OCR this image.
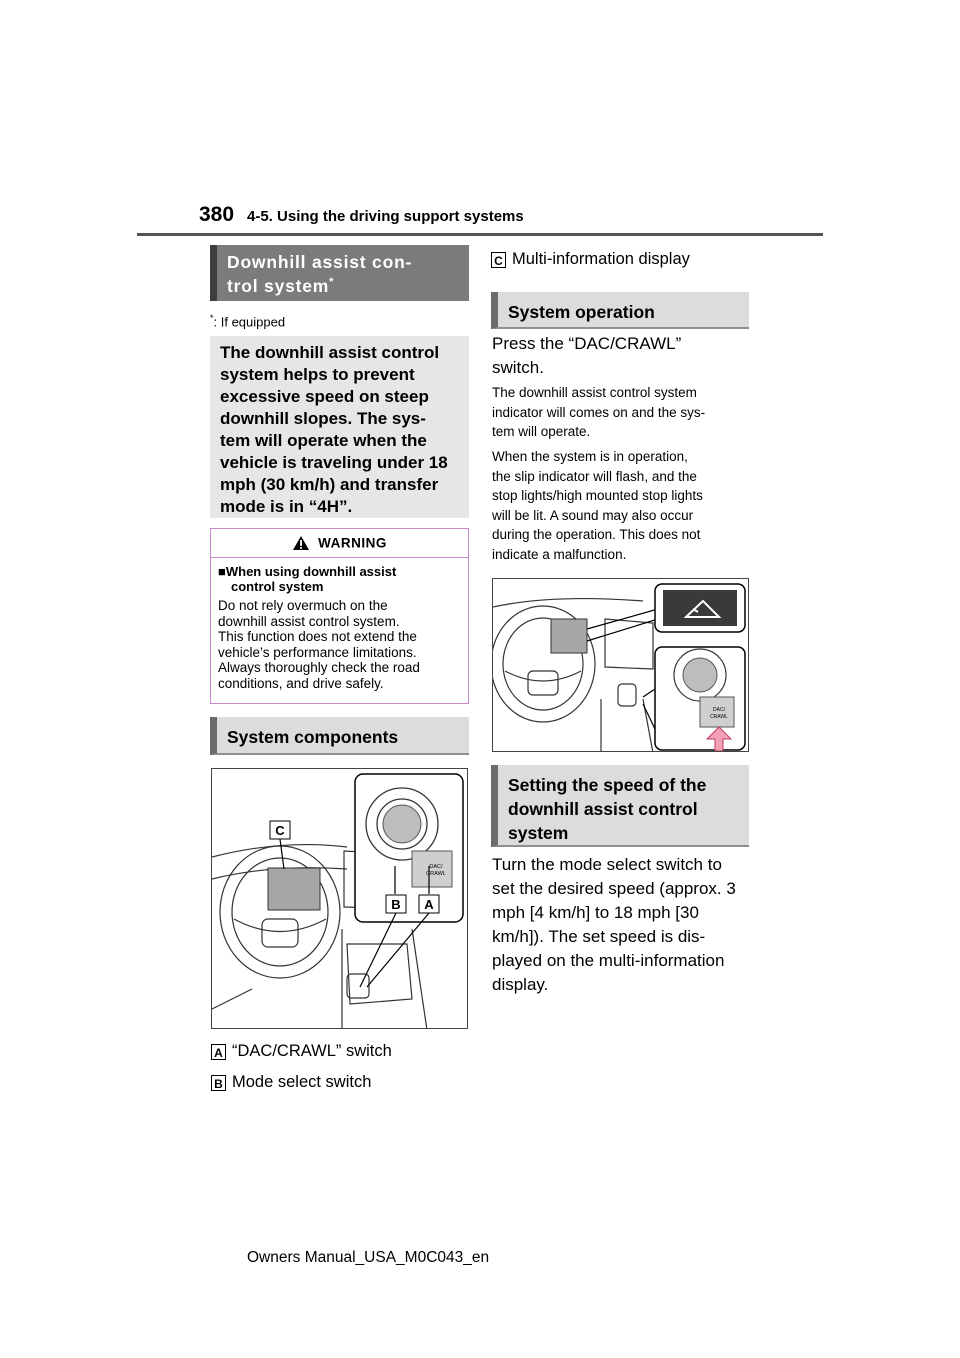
380 4-5. Using the driving support systems
Downhill assist con-
trol system*
*: If equipped
The downhill assist control
system helps to prevent
excessive speed on steep
downhill slopes. The sys-
tem will operate when the
vehicle is traveling under 18
mph (30 km/h) and transfer
mode is in “4H”.
WARNING
■When using downhill assist
control system
Do not rely overmuch on the
downhill assist control system.
This function does not extend the
vehicle’s performance limitations.
Always thoroughly check the road
conditions, and drive safely.
System components
C
DAC/
CRAWL
B A
A “DAC/CRAWL” switch
B Mode select switch
C Multi-information display
System operation
Press the “DAC/CRAWL”
switch.
The downhill assist control system
indicator will comes on and the sys-
tem will operate.
When the system is in operation,
the slip indicator will flash, and the
stop lights/high mounted stop lights
will be lit. A sound may also occur
during the operation. This does not
indicate a malfunction.
DAC/
CRAWL
Setting the speed of the
downhill assist control
system
Turn the mode select switch to
set the desired speed (approx. 3
mph [4 km/h] to 18 mph [30
km/h]). The set speed is dis-
played on the multi-information
display.
Owners Manual_USA_M0C043_en
